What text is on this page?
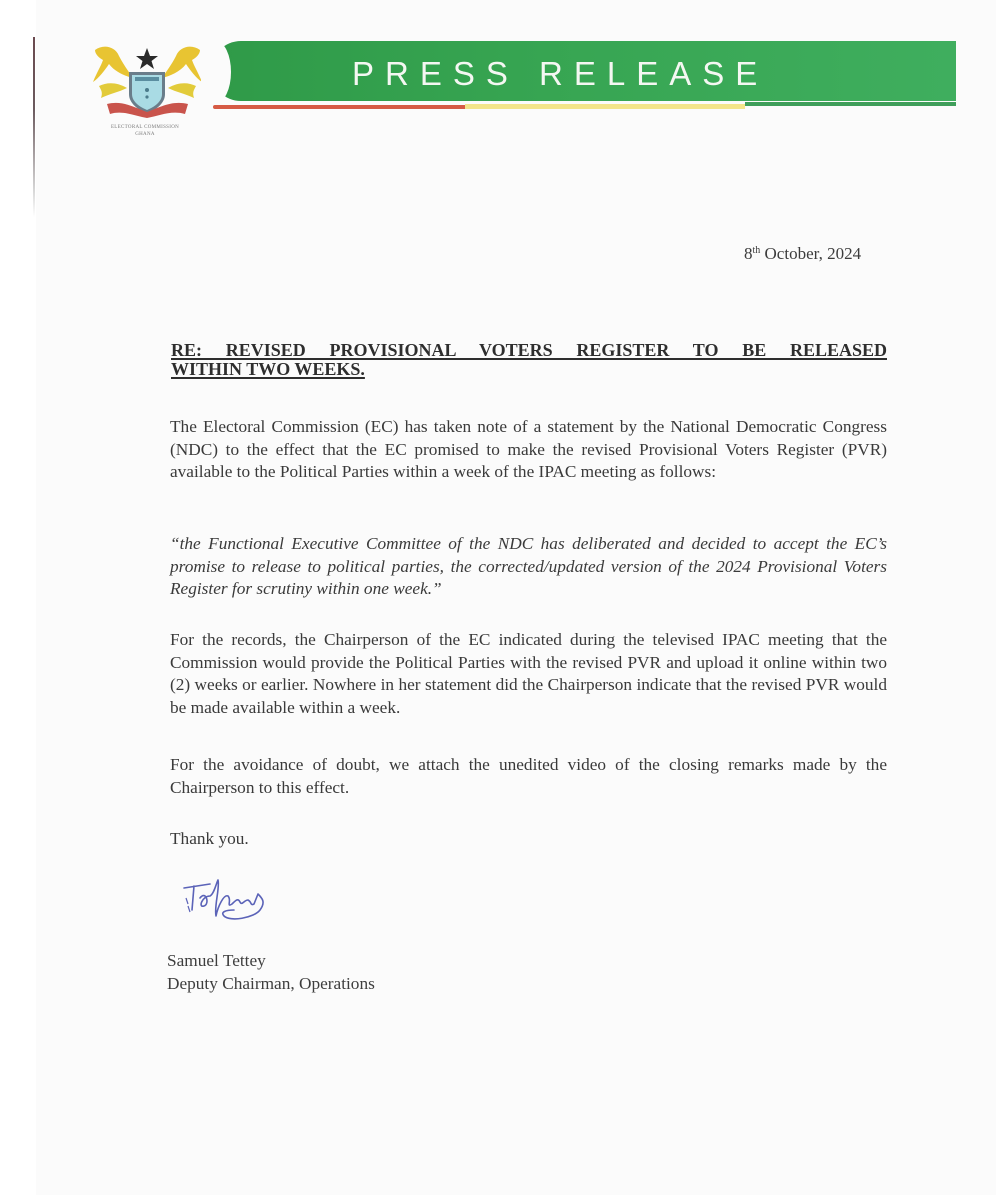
ELECTORAL COMMISSION
GHANA
PRESS RELEASE
8th October, 2024
RE: REVISED PROVISIONAL VOTERS REGISTER TO BE RELEASED
WITHIN TWO WEEKS.
The Electoral Commission (EC) has taken note of a statement by the National Democratic Congress (NDC) to the effect that the EC promised to make the revised Provisional Voters Register (PVR) available to the Political Parties within a week of the IPAC meeting as follows:
“the Functional Executive Committee of the NDC has deliberated and decided to accept the EC’s promise to release to political parties, the corrected/updated version of the 2024 Provisional Voters Register for scrutiny within one week.”
For the records, the Chairperson of the EC indicated during the televised IPAC meeting that the Commission would provide the Political Parties with the revised PVR and upload it online within two (2) weeks or earlier. Nowhere in her statement did the Chairperson indicate that the revised PVR would be made available within a week.
For the avoidance of doubt, we attach the unedited video of the closing remarks made by the Chairperson to this effect.
Thank you.
Samuel Tettey
Deputy Chairman, Operations
